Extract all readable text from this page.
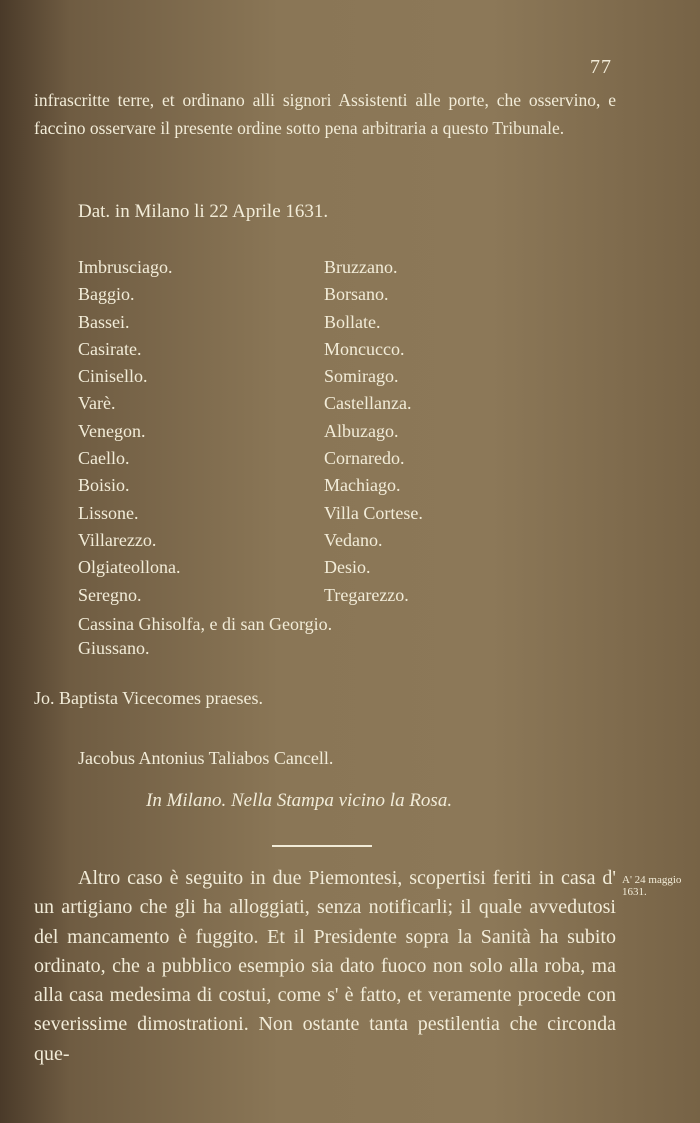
77
infrascritte terre, et ordinano alli signori Assistenti alle porte, che osservino, e faccino osservare il presente ordine sotto pena arbitraria a questo Tribunale.
Dat. in Milano li 22 Aprile 1631.
Imbrusciago.	Bruzzano.
Baggio.	Borsano.
Bassei.	Bollate.
Casirate.	Moncucco.
Cinisello.	Somirago.
Varè.	Castellanza.
Venegon.	Albuzago.
Caello.	Cornaredo.
Boisio.	Machiago.
Lissone.	Villa Cortese.
Villarezzo.	Vedano.
Olgiateollona.	Desio.
Seregno.	Tregarezzo.
Cassina Ghisolfa, e di san Georgio.
Giussano.
Jo. Baptista Vicecomes praeses.
Jacobus Antonius Taliabos Cancell.
In Milano. Nella Stampa vicino la Rosa.
Altro caso è seguito in due Piemontesi, scopertisi feriti in casa d' un artigiano che gli ha alloggiati, senza notificarli; il quale avvedutosi del mancamento è fuggito. Et il Presidente sopra la Sanità ha subito ordinato, che a pubblico esempio sia dato fuoco non solo alla roba, ma alla casa medesima di costui, come s' è fatto, et veramente procede con severissime dimostrationi. Non ostante tanta pestilentia che circonda que-
A' 24 maggio 1631.
